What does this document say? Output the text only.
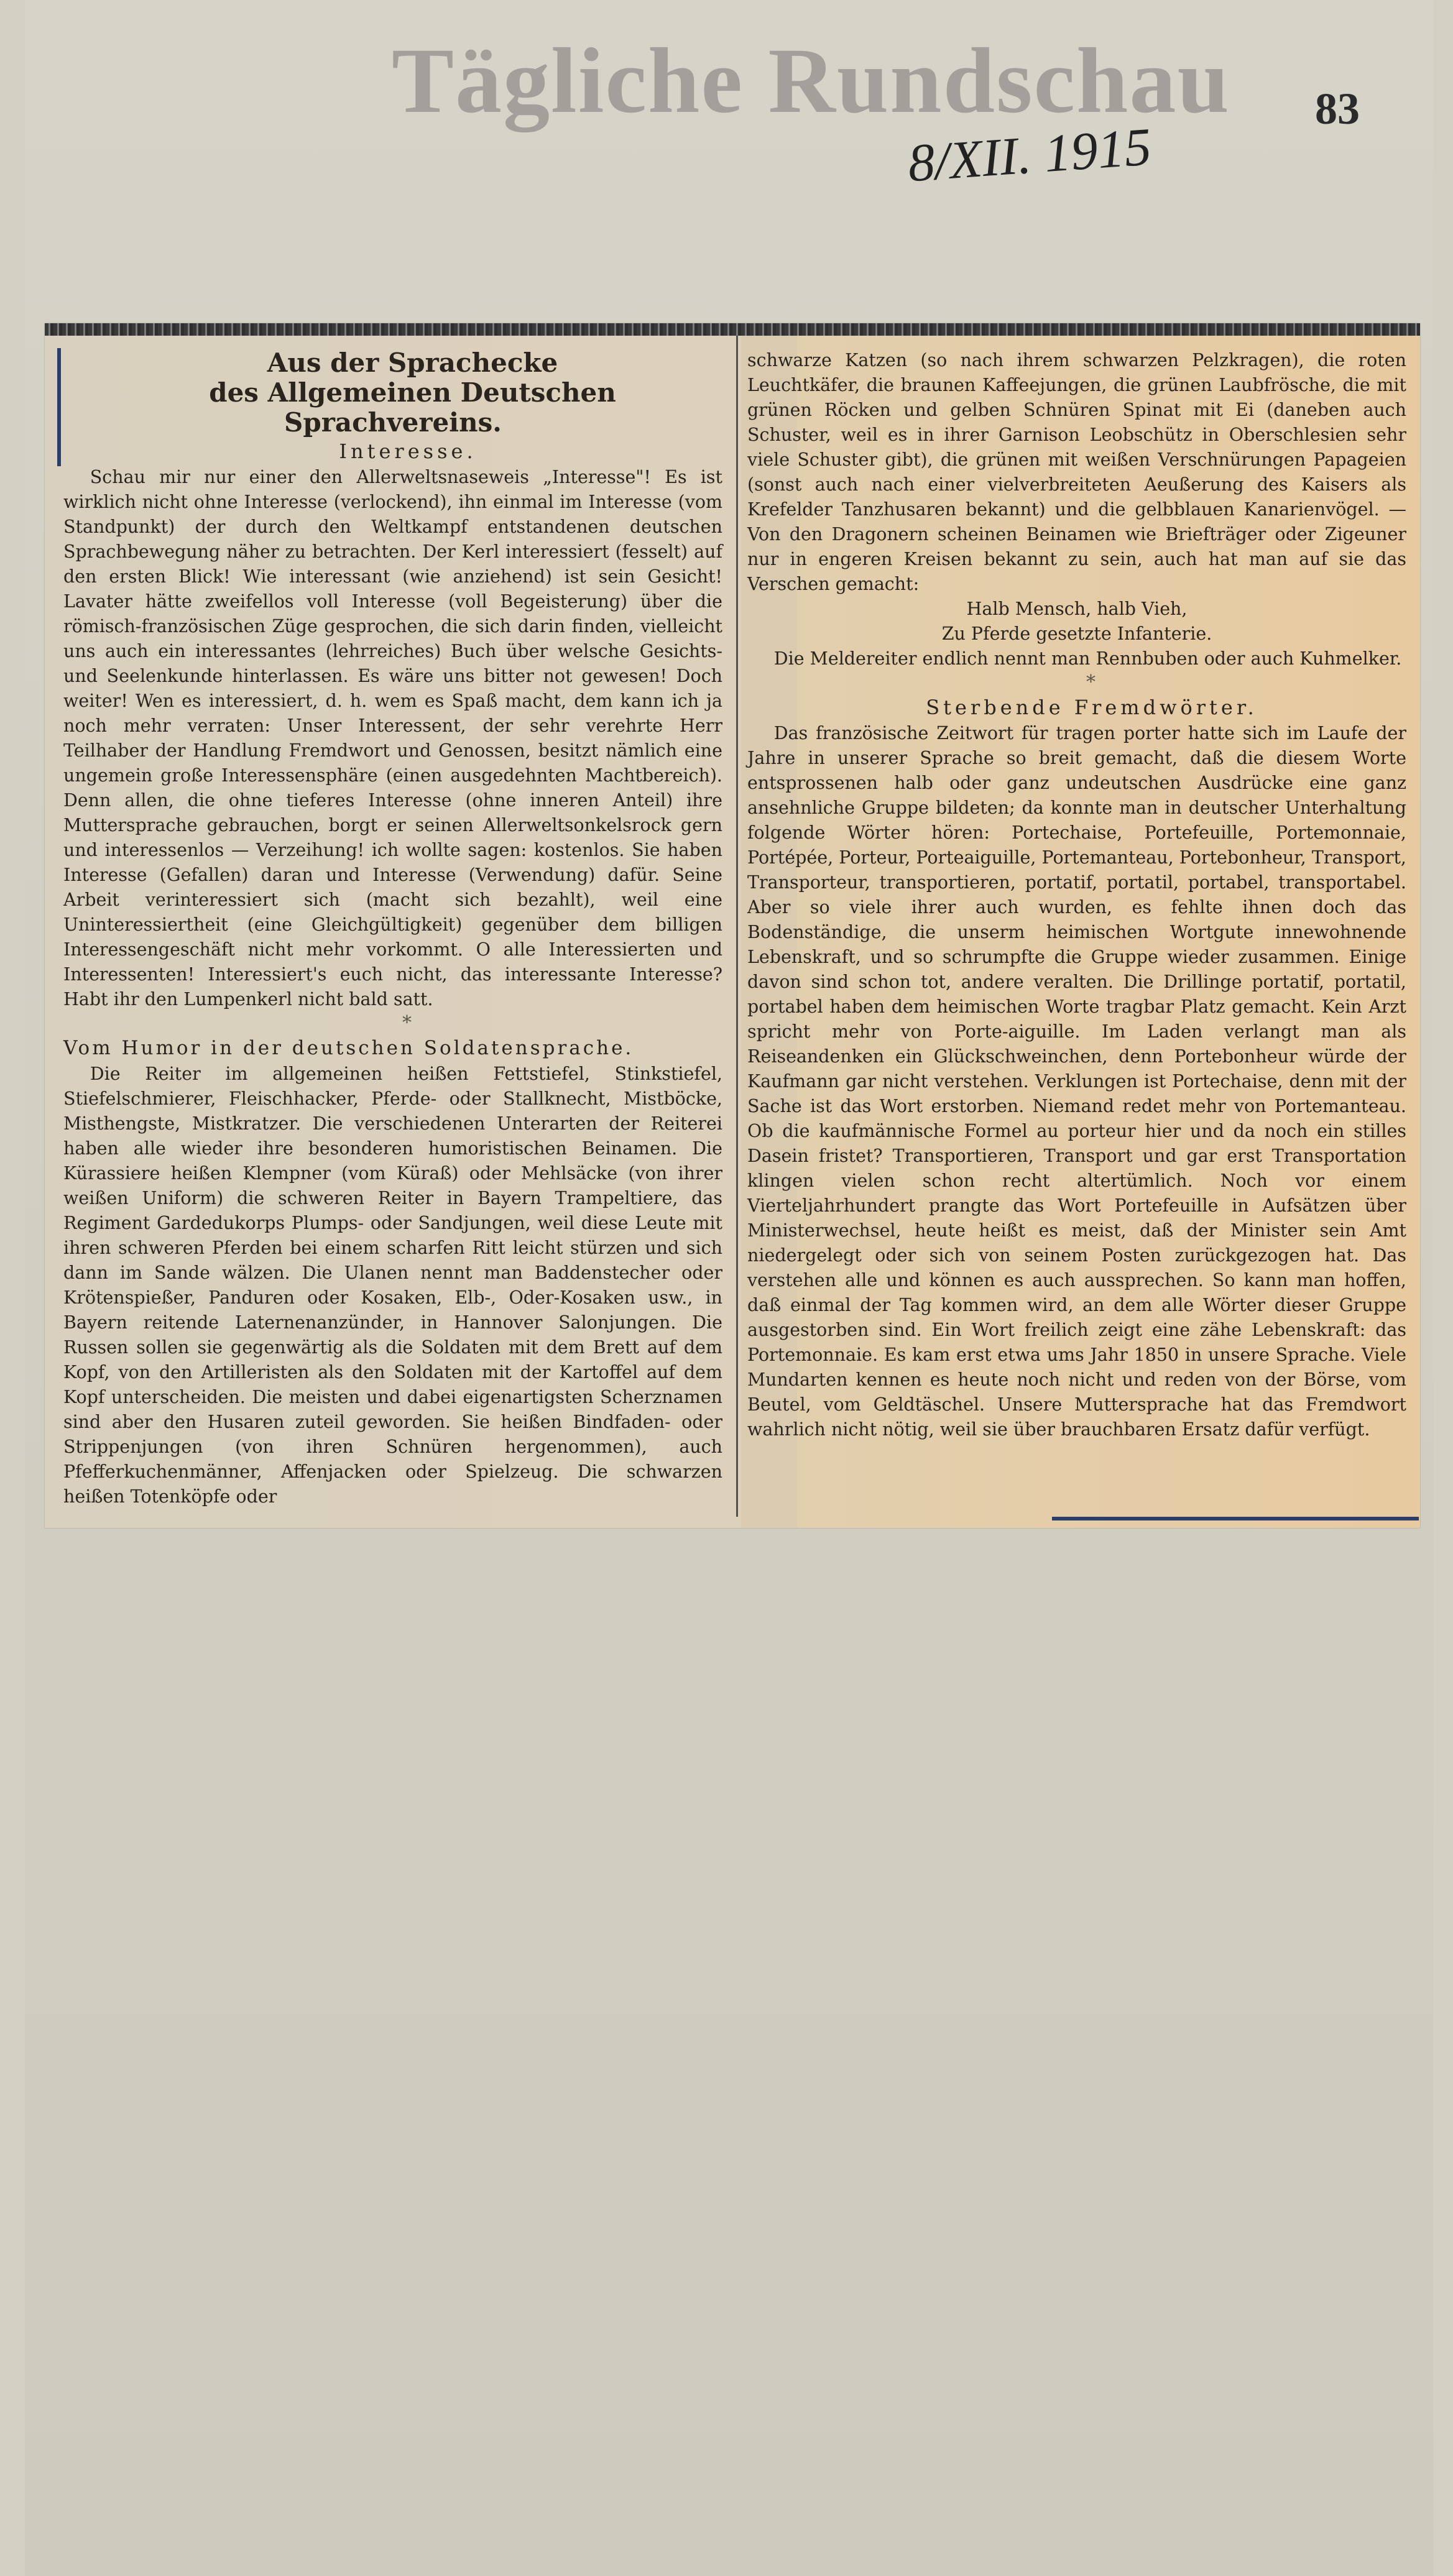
Tägliche Rundschau 83
8/XII. 1915

Aus der Sprachecke

des Allgemeinen Deutschen Sprachvereins.

Interesse.

Schau mir nur einer den Allerweltsnaseweis „Interesse"! Es ist wirklich nicht ohne Interesse (verlockend), ihn einmal im Interesse (vom Standpunkt) der durch den Weltkampf entstandenen deutschen Sprachbewegung näher zu betrachten. Der Kerl interessiert (fesselt) auf den ersten Blick! Wie interessant (wie anziehend) ist sein Gesicht! Lavater hätte zweifellos voll Interesse (voll Begeisterung) über die römisch-französischen Züge gesprochen, die sich darin finden, vielleicht uns auch ein interessantes (lehrreiches) Buch über welsche Gesichts- und Seelenkunde hinterlassen. Es wäre uns bitter not gewesen! Doch weiter! Wen es interessiert, d. h. wem es Spaß macht, dem kann ich ja noch mehr verraten: Unser Interessent, der sehr verehrte Herr Teilhaber der Handlung Fremdwort und Genossen, besitzt nämlich eine ungemein große Interessensphäre (einen ausgedehnten Machtbereich). Denn allen, die ohne tieferes Interesse (ohne inneren Anteil) ihre Muttersprache gebrauchen, borgt er seinen Allerweltsonkelsrock gern und interessenlos — Verzeihung! ich wollte sagen: kostenlos. Sie haben Interesse (Gefallen) daran und Interesse (Verwendung) dafür. Seine Arbeit verinteressiert sich (macht sich bezahlt), weil eine Uninteressiertheit (eine Gleichgültigkeit) gegenüber dem billigen Interessengeschäft nicht mehr vorkommt. O alle Interessierten und Interessenten! Interessiert's euch nicht, das interessante Interesse? Habt ihr den Lumpenkerl nicht bald satt.

*

Vom Humor in der deutschen Soldatensprache.

Die Reiter im allgemeinen heißen Fettstiefel, Stinkstiefel, Stiefelschmierer, Fleischhacker, Pferde- oder Stallknecht, Mistböcke, Misthengste, Mistkratzer. Die verschiedenen Unterarten der Reiterei haben alle wieder ihre besonderen humoristischen Beinamen. Die Kürassiere heißen Klempner (vom Küraß) oder Mehlsäcke (von ihrer weißen Uniform) die schweren Reiter in Bayern Trampeltiere, das Regiment Gardedukorps Plumps- oder Sandjungen, weil diese Leute mit ihren schweren Pferden bei einem scharfen Ritt leicht stürzen und sich dann im Sande wälzen. Die Ulanen nennt man Baddenstecher oder Krötenspießer, Panduren oder Kosaken, Elb-, Oder-Kosaken usw., in Bayern reitende Laternenanzünder, in Hannover Salonjungen. Die Russen sollen sie gegenwärtig als die Soldaten mit dem Brett auf dem Kopf, von den Artilleristen als den Soldaten mit der Kartoffel auf dem Kopf unterscheiden. Die meisten und dabei eigenartigsten Scherznamen sind aber den Husaren zuteil geworden. Sie heißen Bindfaden- oder Strippenjungen (von ihren Schnüren hergenommen), auch Pfefferkuchenmänner, Affenjacken oder Spielzeug. Die schwarzen heißen Totenköpfe oder

schwarze Katzen (so nach ihrem schwarzen Pelzkragen), die roten Leuchtkäfer, die braunen Kaffeejungen, die grünen Laubfrösche, die mit grünen Röcken und gelben Schnüren Spinat mit Ei (daneben auch Schuster, weil es in ihrer Garnison Leobschütz in Oberschlesien sehr viele Schuster gibt), die grünen mit weißen Verschnürungen Papageien (sonst auch nach einer vielverbreiteten Aeußerung des Kaisers als Krefelder Tanzhusaren bekannt) und die gelbblauen Kanarienvögel. — Von den Dragonern scheinen Beinamen wie Briefträger oder Zigeuner nur in engeren Kreisen bekannt zu sein, auch hat man auf sie das Verschen gemacht:

Halb Mensch, halb Vieh,
Zu Pferde gesetzte Infanterie.

Die Meldereiter endlich nennt man Rennbuben oder auch Kuhmelker.

*

Sterbende Fremdwörter.

Das französische Zeitwort für tragen porter hatte sich im Laufe der Jahre in unserer Sprache so breit gemacht, daß die diesem Worte entsprossenen halb oder ganz undeutschen Ausdrücke eine ganz ansehnliche Gruppe bildeten; da konnte man in deutscher Unterhaltung folgende Wörter hören: Portechaise, Portefeuille, Portemonnaie, Portépée, Porteur, Porteaiguille, Portemanteau, Portebonheur, Transport, Transporteur, transportieren, portatif, portatil, portabel, transportabel. Aber so viele ihrer auch wurden, es fehlte ihnen doch das Bodenständige, die unserm heimischen Wortgute innewohnende Lebenskraft, und so schrumpfte die Gruppe wieder zusammen. Einige davon sind schon tot, andere veralten. Die Drillinge portatif, portatil, portabel haben dem heimischen Worte tragbar Platz gemacht. Kein Arzt spricht mehr von Porte-aiguille. Im Laden verlangt man als Reiseandenken ein Glückschweinchen, denn Portebonheur würde der Kaufmann gar nicht verstehen. Verklungen ist Portechaise, denn mit der Sache ist das Wort erstorben. Niemand redet mehr von Portemanteau. Ob die kaufmännische Formel au porteur hier und da noch ein stilles Dasein fristet? Transportieren, Transport und gar erst Transportation klingen vielen schon recht altertümlich. Noch vor einem Vierteljahrhundert prangte das Wort Portefeuille in Aufsätzen über Ministerwechsel, heute heißt es meist, daß der Minister sein Amt niedergelegt oder sich von seinem Posten zurückgezogen hat. Das verstehen alle und können es auch aussprechen. So kann man hoffen, daß einmal der Tag kommen wird, an dem alle Wörter dieser Gruppe ausgestorben sind. Ein Wort freilich zeigt eine zähe Lebenskraft: das Portemonnaie. Es kam erst etwa ums Jahr 1850 in unsere Sprache. Viele Mundarten kennen es heute noch nicht und reden von der Börse, vom Beutel, vom Geldtäschel. Unsere Muttersprache hat das Fremdwort wahrlich nicht nötig, weil sie über brauchbaren Ersatz dafür verfügt.
